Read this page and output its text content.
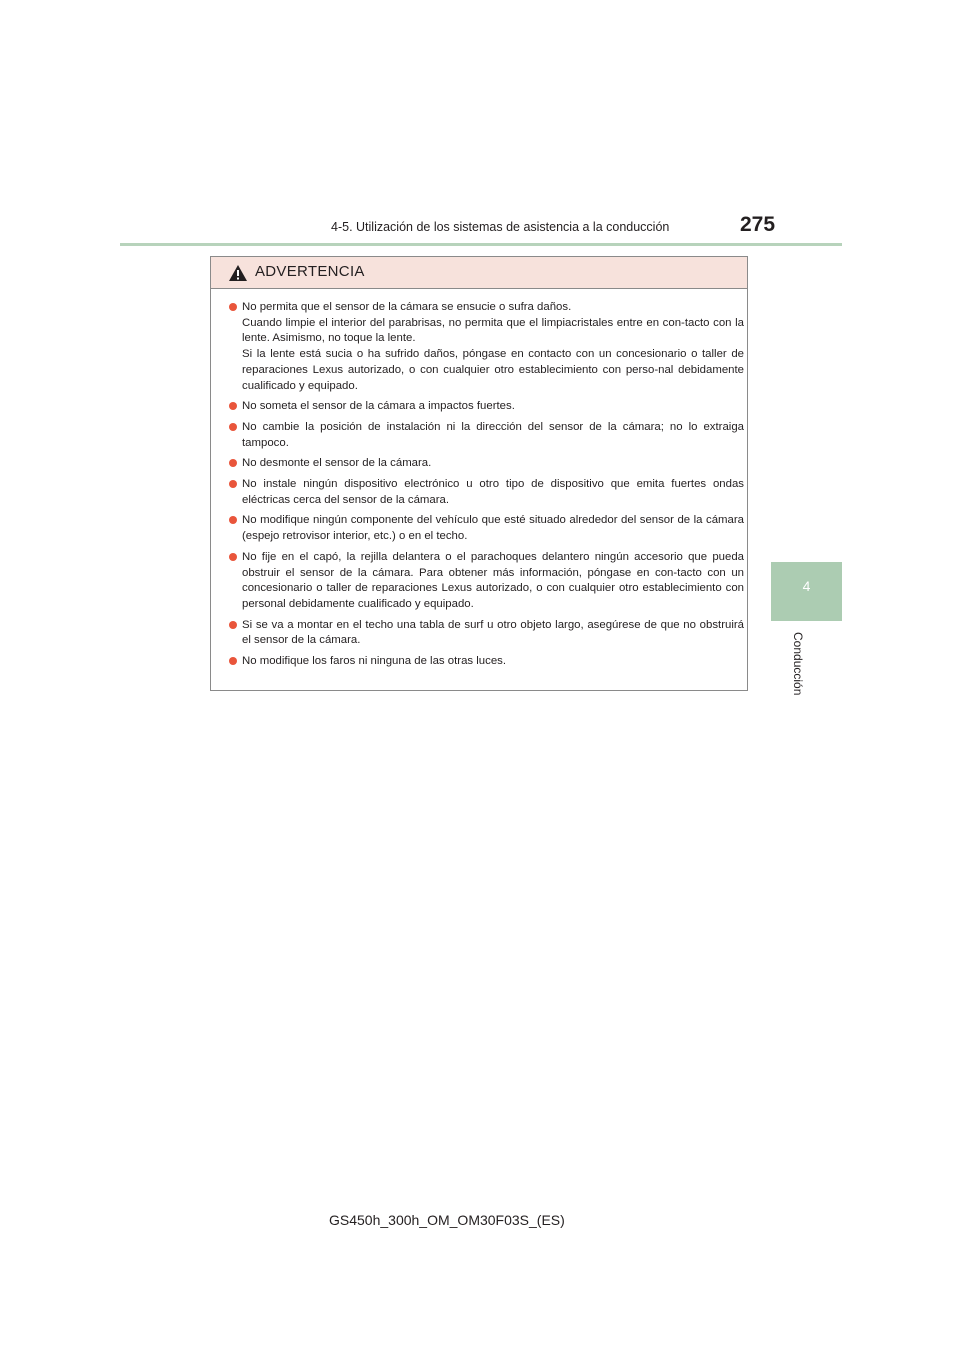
4-5. Utilización de los sistemas de asistencia a la conducción	275
4
Conducción
ADVERTENCIA

No permita que el sensor de la cámara se ensucie o sufra daños.

Cuando limpie el interior del parabrisas, no permita que el limpiacristales entre en con-tacto con la lente. Asimismo, no toque la lente.

Si la lente está sucia o ha sufrido daños, póngase en contacto con un concesionario o taller de reparaciones Lexus autorizado, o con cualquier otro establecimiento con perso-nal debidamente cualificado y equipado.

No someta el sensor de la cámara a impactos fuertes.

No cambie la posición de instalación ni la dirección del sensor de la cámara; no lo extraiga tampoco.

No desmonte el sensor de la cámara.

No instale ningún dispositivo electrónico u otro tipo de dispositivo que emita fuertes ondas eléctricas cerca del sensor de la cámara.

No modifique ningún componente del vehículo que esté situado alrededor del sensor de la cámara (espejo retrovisor interior, etc.) o en el techo.

No fije en el capó, la rejilla delantera o el parachoques delantero ningún accesorio que pueda obstruir el sensor de la cámara. Para obtener más información, póngase en con-tacto con un concesionario o taller de reparaciones Lexus autorizado, o con cualquier otro establecimiento con personal debidamente cualificado y equipado.

Si se va a montar en el techo una tabla de surf u otro objeto largo, asegúrese de que no obstruirá el sensor de la cámara.

No modifique los faros ni ninguna de las otras luces.

GS450h_300h_OM_OM30F03S_(ES)
